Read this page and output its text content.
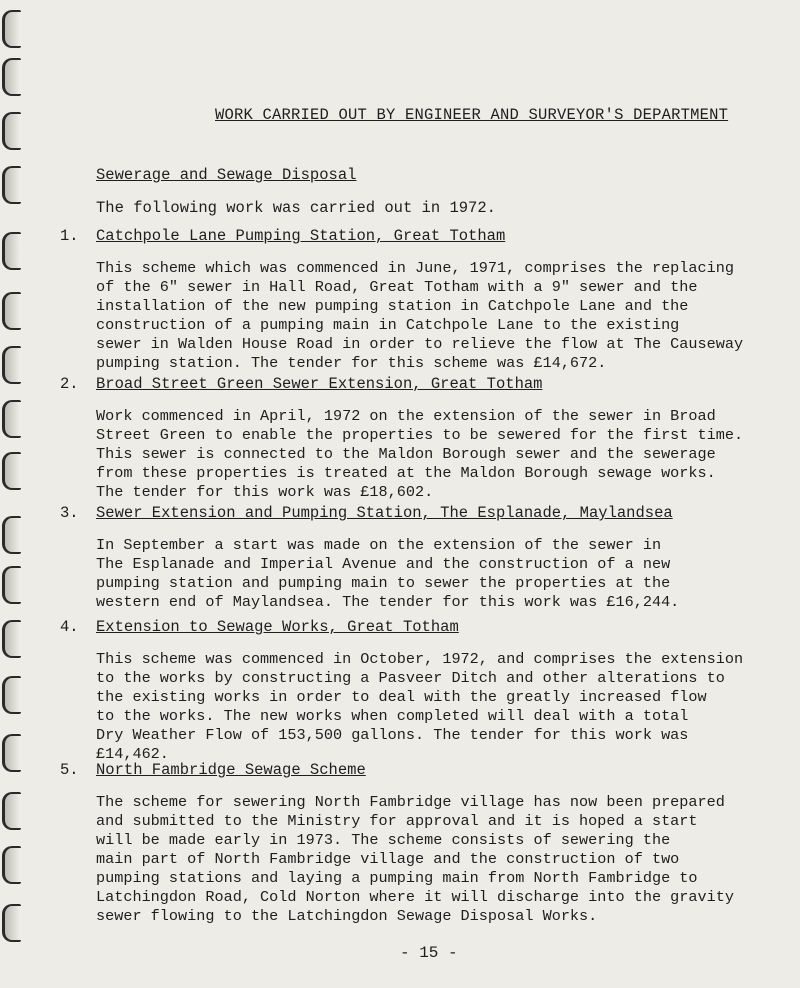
WORK CARRIED OUT BY ENGINEER AND SURVEYOR'S DEPARTMENT
Sewerage and Sewage Disposal
The following work was carried out in 1972.
1. Catchpole Lane Pumping Station, Great Totham
This scheme which was commenced in June, 1971, comprises the replacing
of the 6" sewer in Hall Road, Great Totham with a 9" sewer and the
installation of the new pumping station in Catchpole Lane and the
construction of a pumping main in Catchpole Lane to the existing
sewer in Walden House Road in order to relieve the flow at The Causeway
pumping station. The tender for this scheme was £14,672.
2. Broad Street Green Sewer Extension, Great Totham
Work commenced in April, 1972 on the extension of the sewer in Broad
Street Green to enable the properties to be sewered for the first time.
This sewer is connected to the Maldon Borough sewer and the sewerage
from these properties is treated at the Maldon Borough sewage works.
The tender for this work was £18,602.
3. Sewer Extension and Pumping Station, The Esplanade, Maylandsea
In September a start was made on the extension of the sewer in
The Esplanade and Imperial Avenue and the construction of a new
pumping station and pumping main to sewer the properties at the
western end of Maylandsea. The tender for this work was £16,244.
4. Extension to Sewage Works, Great Totham
This scheme was commenced in October, 1972, and comprises the extension
to the works by constructing a Pasveer Ditch and other alterations to
the existing works in order to deal with the greatly increased flow
to the works. The new works when completed will deal with a total
Dry Weather Flow of 153,500 gallons. The tender for this work was
£14,462.
5. North Fambridge Sewage Scheme
The scheme for sewering North Fambridge village has now been prepared
and submitted to the Ministry for approval and it is hoped a start
will be made early in 1973. The scheme consists of sewering the
main part of North Fambridge village and the construction of two
pumping stations and laying a pumping main from North Fambridge to
Latchingdon Road, Cold Norton where it will discharge into the gravity
sewer flowing to the Latchingdon Sewage Disposal Works.
- 15 -
